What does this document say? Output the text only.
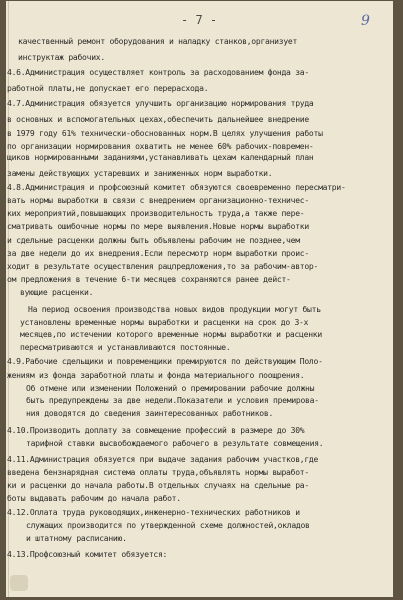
- 7 -	9
качественный ремонт оборудования и наладку станков,организует
инструктаж рабочих.
4.6.Администрация осуществляет контроль за расходованием фонда за-
работной платы,не допускает его перерасхода.
4.7.Администрация обязуется улучшить организацию нормирования труда
в основных и вспомогательных цехах,обеспечить дальнейшее внедрение
в 1979 году 61% технически-обоснованных норм.В целях улучшения работы
по организации нормирования охватить не менее 60% рабочих-повремен-
щиков нормированными заданиями,устанавливать цехам календарный план
замены действующих устаревших и заниженных норм выработки.
4.8.Администрация и профсоюзный комитет обязуются своевременно пересматри-
вать нормы выработки в связи с внедрением организационно-техничес-
ких мероприятий,повышающих производительность труда,а также пере-
сматривать ошибочные нормы по мере выявления.Новые нормы выработки
и сдельные расценки должны быть объявлены рабочим не позднее,чем
за две недели до их внедрения.Если пересмотр норм выработки проис-
ходит в результате осуществления рацпредложения,то за рабочим-автор-
ом предложения в течение 6-ти месяцев сохраняются ранее дейст-
вующие расценки.
На период освоения производства новых видов продукции могут быть
установлены временные нормы выработки и расценки на срок до 3-х
месяцев,по истечении которого временные нормы выработки и расценки
пересматриваются и устанавливаются постоянные.
4.9.Рабочие сдельщики и повременщики премируются по действующим Поло-
жениям из фонда заработной платы и фонда материального поощрения.
Об отмене или изменении Положений о премировании рабочие должны
быть предупреждены за две недели.Показатели и условия премирова-
ния доводятся до сведения заинтересованных работников.
4.10.Производить доплату за совмещение профессий в размере до 30%
тарифной ставки высвобождаемого рабочего в результате совмещения.
4.11.Администрация обязуется при выдаче задания рабочим участков,где
введена бензнарядная система оплаты труда,объявлять нормы выработ-
ки и расценки до начала работы.В отдельных случаях на сдельные ра-
боты выдавать рабочим до начала работ.
4.12.Оплата труда руководящих,инженерно-технических работников и
служащих производится по утвержденной схеме должностей,окладов
и штатному расписанию.
4.13.Профсоюзный комитет обязуется:
